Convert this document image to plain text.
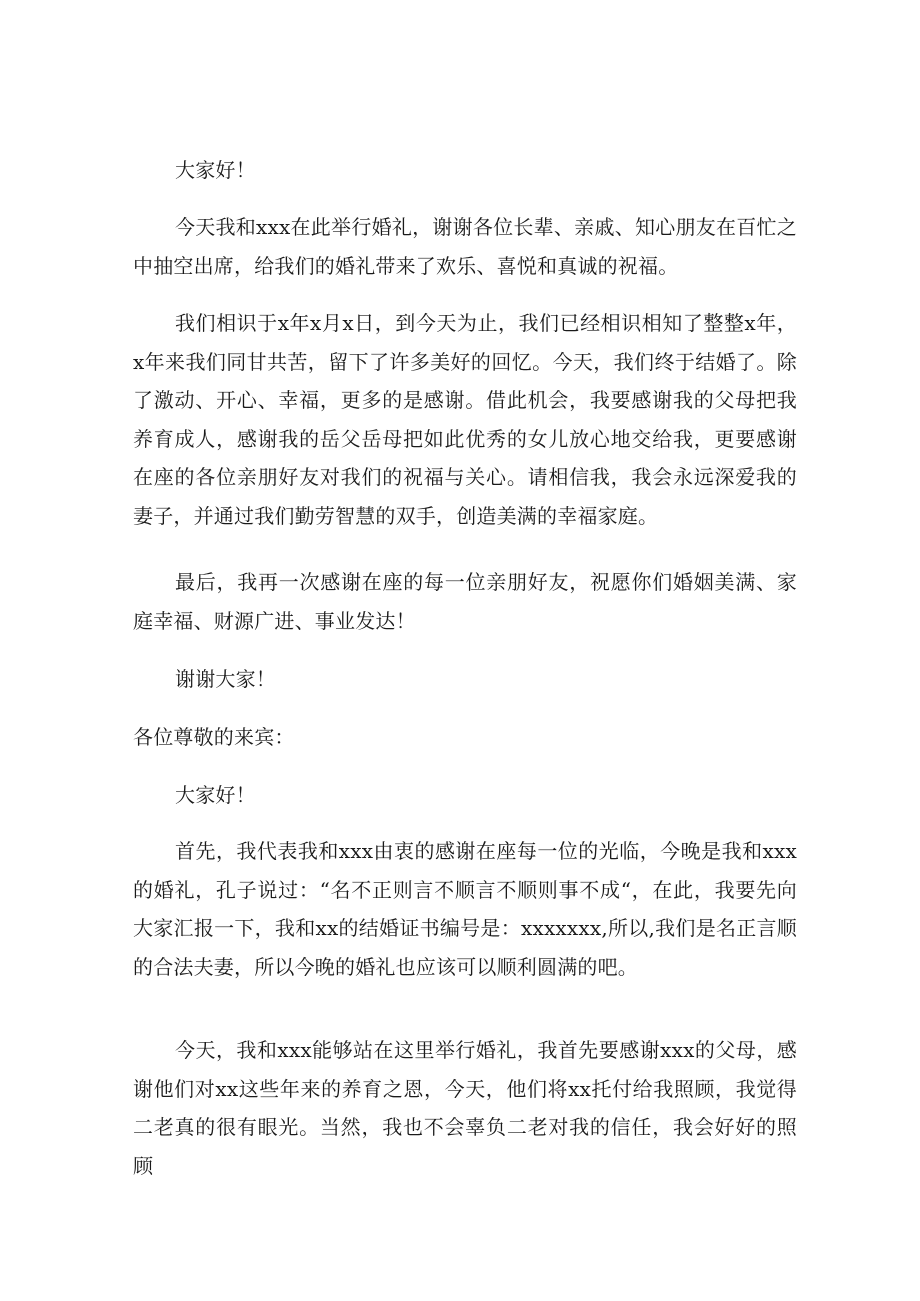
大家好！

今天我和xxx在此举行婚礼，谢谢各位长辈、亲戚、知心朋友在百忙之中抽空出席，给我们的婚礼带来了欢乐、喜悦和真诚的祝福。

我们相识于x年x月x日，到今天为止，我们已经相识相知了整整x年，x年来我们同甘共苦，留下了许多美好的回忆。今天，我们终于结婚了。除了激动、开心、幸福，更多的是感谢。借此机会，我要感谢我的父母把我养育成人，感谢我的岳父岳母把如此优秀的女儿放心地交给我，更要感谢在座的各位亲朋好友对我们的祝福与关心。请相信我，我会永远深爱我的妻子，并通过我们勤劳智慧的双手，创造美满的幸福家庭。

最后，我再一次感谢在座的每一位亲朋好友，祝愿你们婚姻美满、家庭幸福、财源广进、事业发达！

谢谢大家！

各位尊敬的来宾：

大家好！

首先，我代表我和xxx由衷的感谢在座每一位的光临，今晚是我和xxx的婚礼，孔子说过：“名不正则言不顺言不顺则事不成“，在此，我要先向大家汇报一下，我和xx的结婚证书编号是：xxxxxxx,所以,我们是名正言顺的合法夫妻，所以今晚的婚礼也应该可以顺利圆满的吧。

今天，我和xxx能够站在这里举行婚礼，我首先要感谢xxx的父母，感谢他们对xx这些年来的养育之恩，今天，他们将xx托付给我照顾，我觉得二老真的很有眼光。当然，我也不会辜负二老对我的信任，我会好好的照顾
